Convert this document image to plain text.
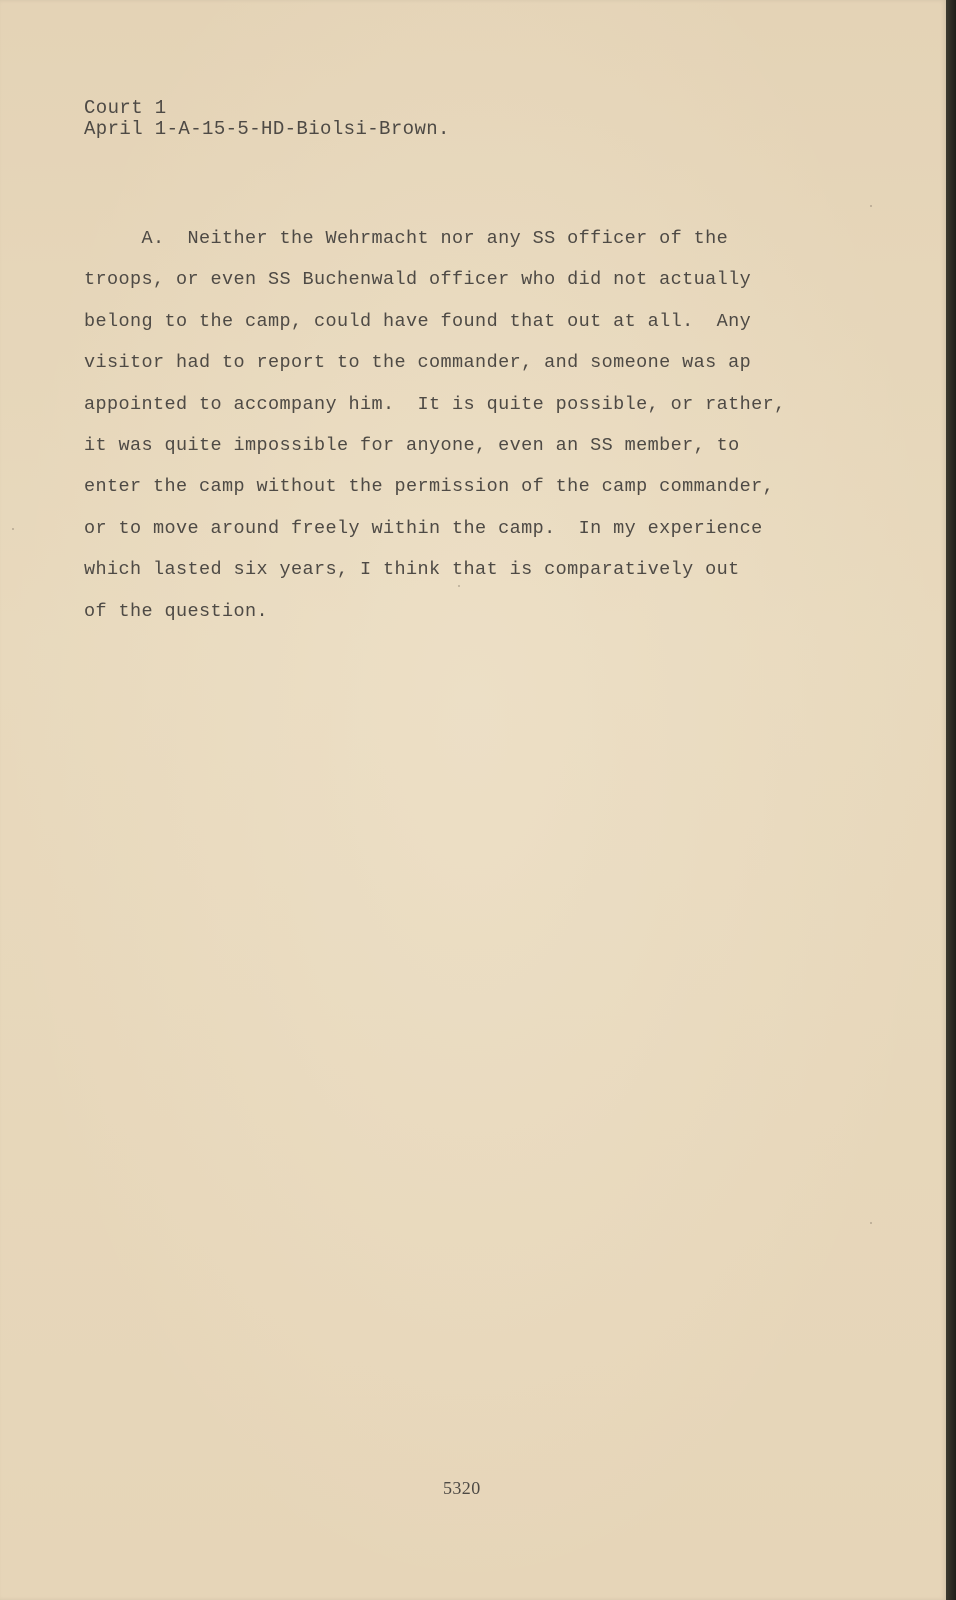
Court 1
April 1-A-15-5-HD-Biolsi-Brown.
A.  Neither the Wehrmacht nor any SS officer of the
troops, or even SS Buchenwald officer who did not actually
belong to the camp, could have found that out at all.  Any
visitor had to report to the commander, and someone was ap
appointed to accompany him.  It is quite possible, or rather,
it was quite impossible for anyone, even an SS member, to
enter the camp without the permission of the camp commander,
or to move around freely within the camp.  In my experience
which lasted six years, I think that is comparatively out
of the question.
5320
